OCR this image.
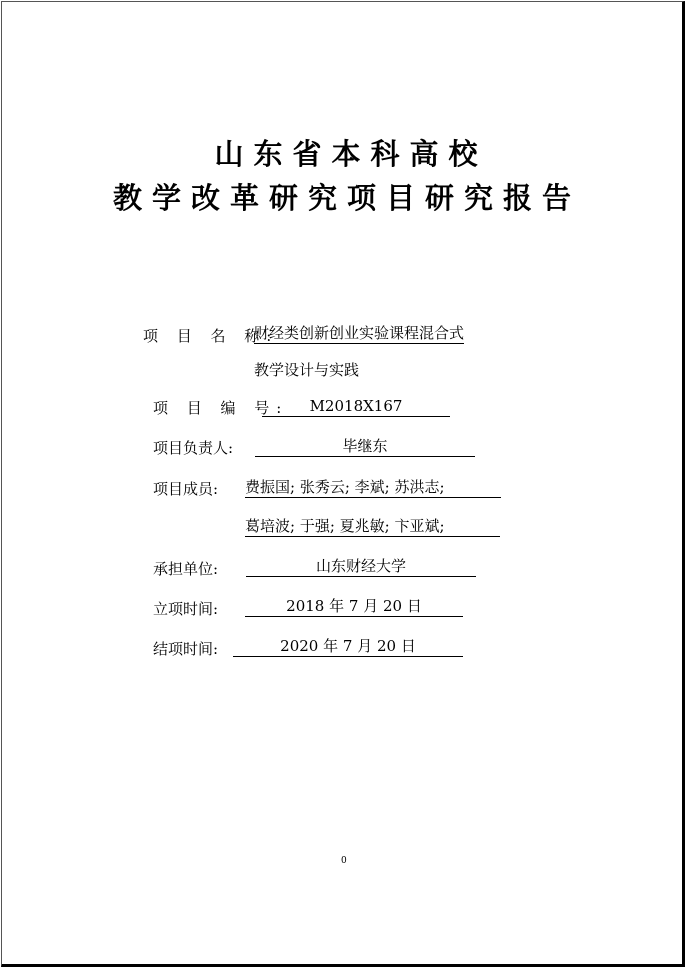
山东省本科高校
教学改革研究项目研究报告
项 目 名 称:
财经类创新创业实验课程混合式
教学设计与实践
项 目 编 号:	M2018X167
项目负责人:	毕继东
项目成员: 费振国; 张秀云; 李斌; 苏洪志;
葛培波; 于强; 夏兆敏; 卞亚斌;
承担单位:	山东财经大学
立项时间:	2018 年 7 月 20 日
结项时间:	2020 年 7 月 20 日
0
